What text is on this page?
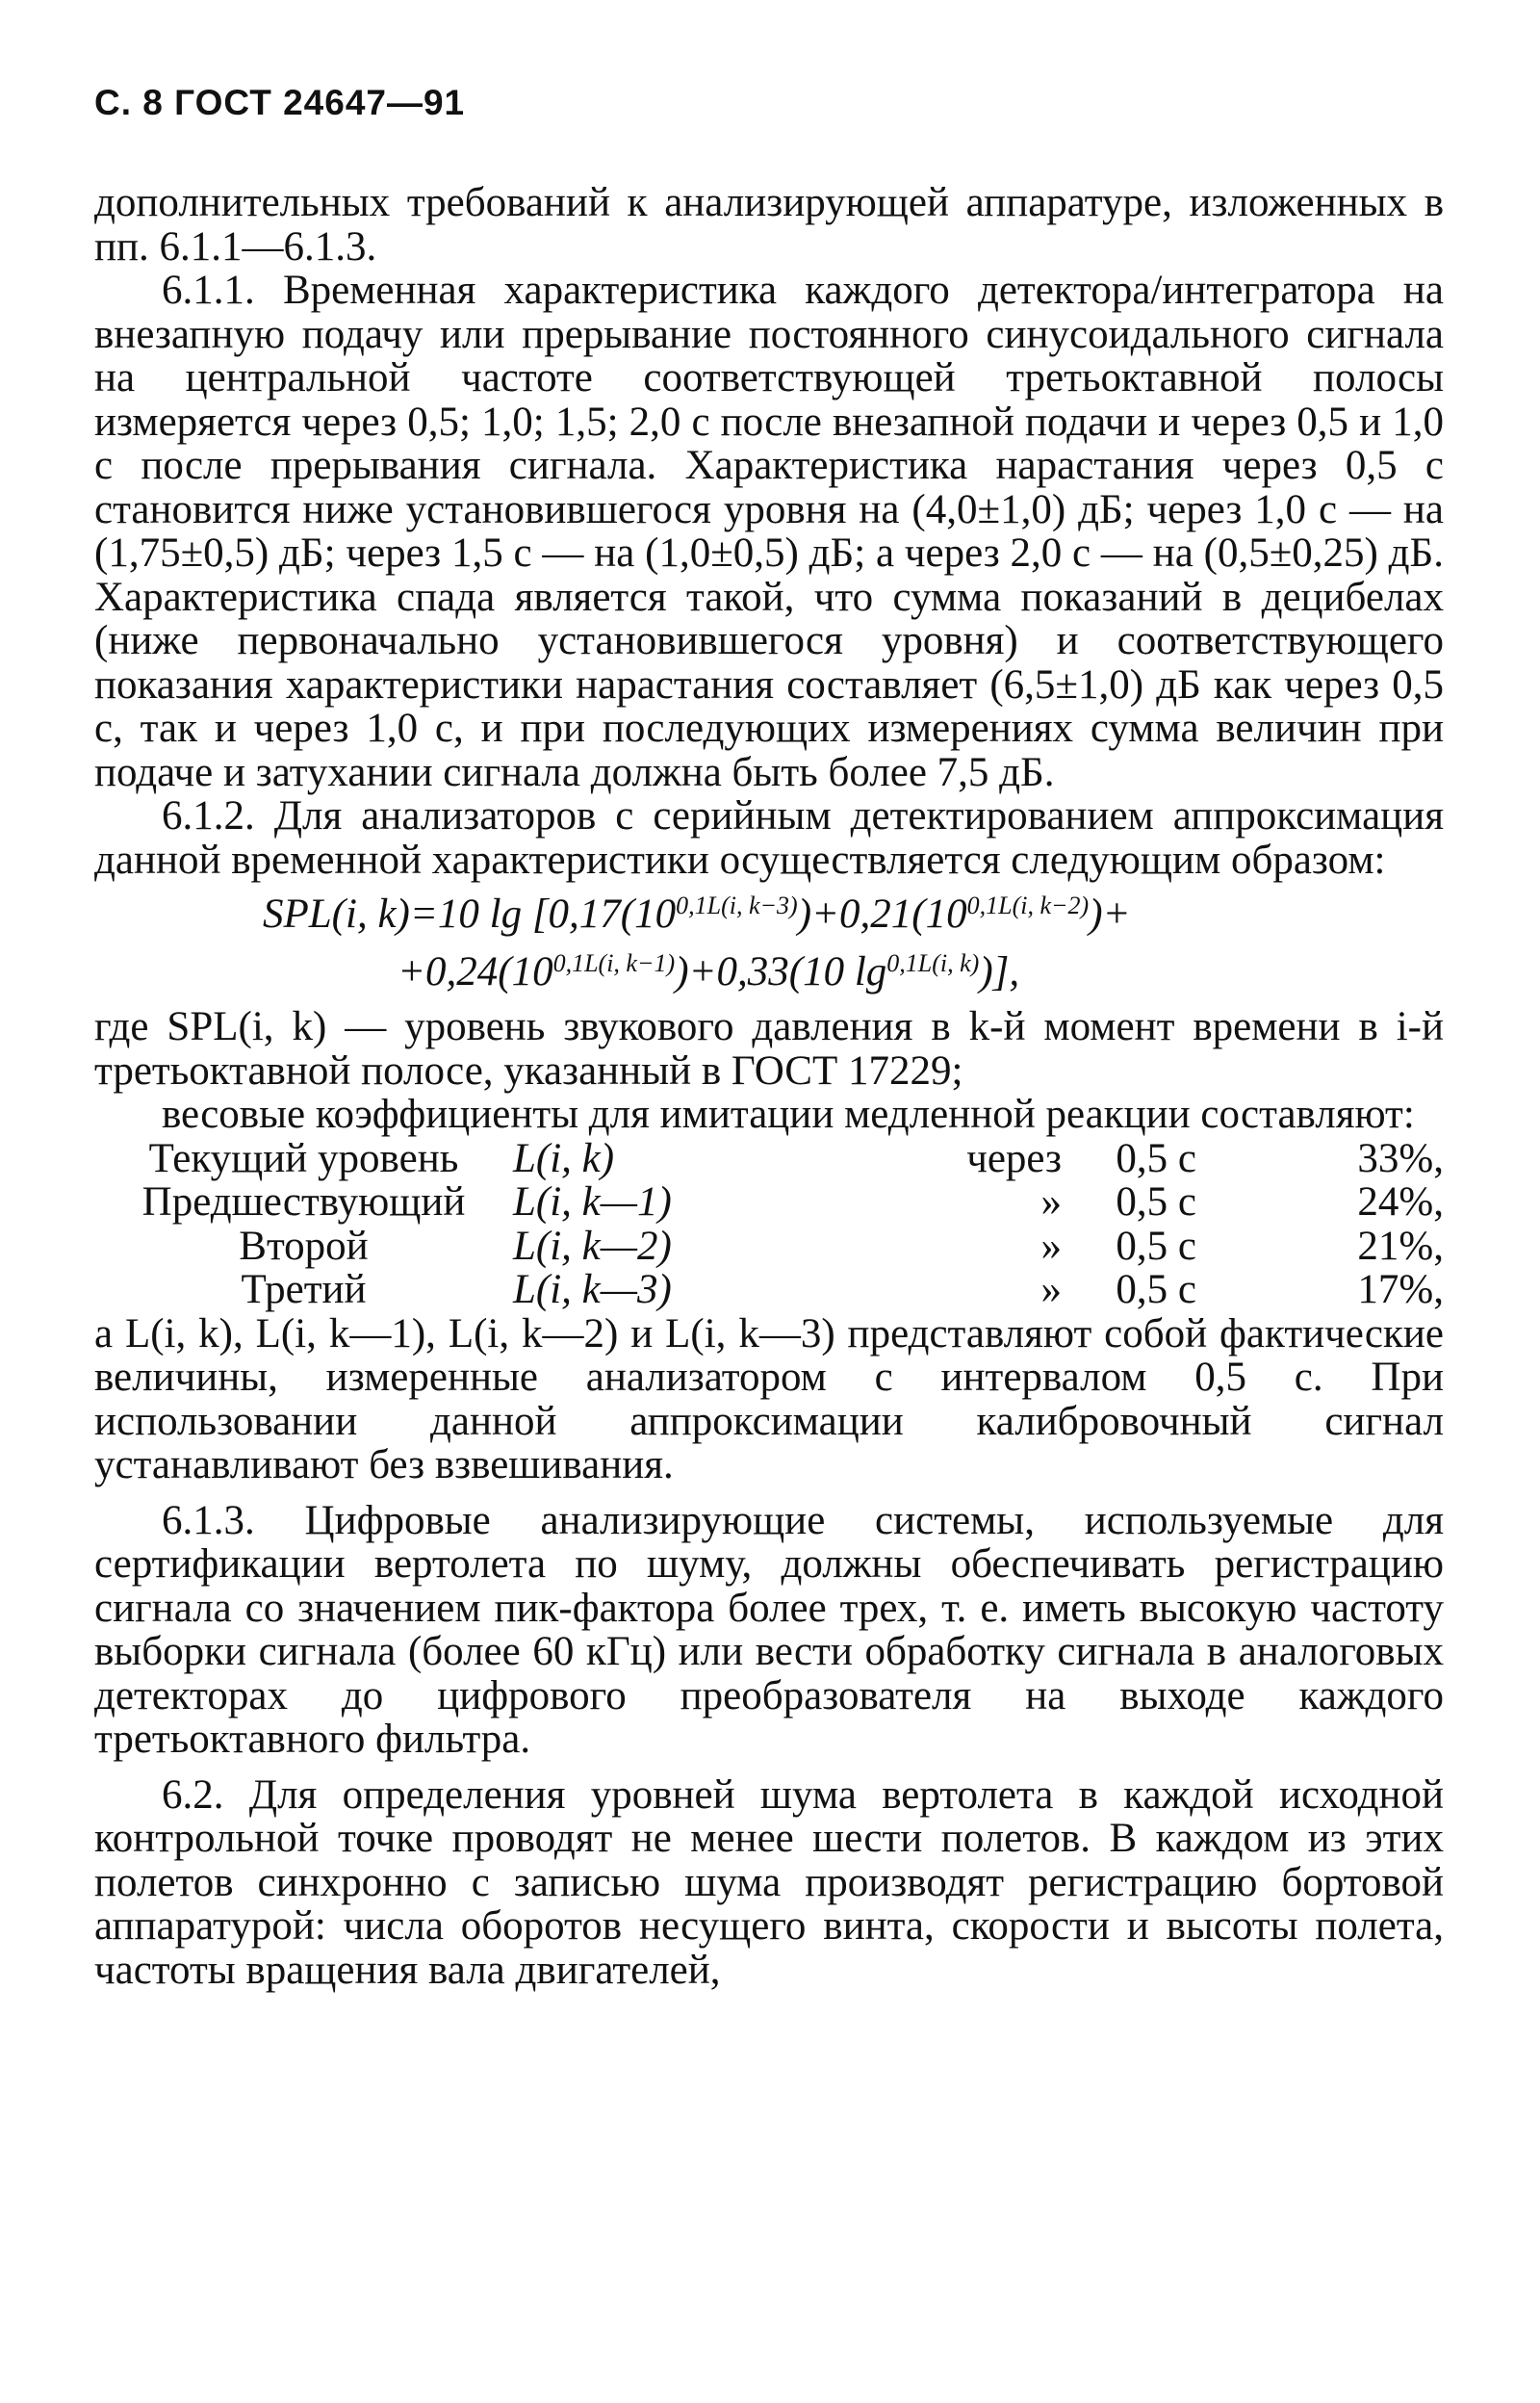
С. 8 ГОСТ 24647—91

дополнительных требований к анализирующей аппаратуре, изложенных в пп. 6.1.1—6.1.3.

6.1.1. Временная характеристика каждого детектора/интегратора на внезапную подачу или прерывание постоянного синусоидального сигнала на центральной частоте соответствующей третьоктавной полосы измеряется через 0,5; 1,0; 1,5; 2,0 с после внезапной подачи и через 0,5 и 1,0 с после прерывания сигнала. Характеристика нарастания через 0,5 с становится ниже установившегося уровня на (4,0±1,0) дБ; через 1,0 с — на (1,75±0,5) дБ; через 1,5 с — на (1,0±0,5) дБ; а через 2,0 с — на (0,5±0,25) дБ. Характеристика спада является такой, что сумма показаний в децибелах (ниже первоначально установившегося уровня) и соответствующего показания характеристики нарастания составляет (6,5±1,0) дБ как через 0,5 с, так и через 1,0 с, и при последующих измерениях сумма величин при подаче и затухании сигнала должна быть более 7,5 дБ.

6.1.2. Для анализаторов с серийным детектированием аппроксимация данной временной характеристики осуществляется следующим образом:

SPL(i, k)=10 $\lg [0,17(10^{0,1L(i, k-3)})+0,21(10^{0,1L(i, k-2)})+$
$+0,24(10^{0,1L(i, k-1)})+0,33(10$ $\lg^{0,1L(i, k)}$)],

где SPL(i, k) — уровень звукового давления в k-й момент времени в i-й третьоктавной полосе, указанный в ГОСТ 17229;

весовые коэффициенты для имитации медленной реакции составляют:

Текущий уровень	L(i, k)	через	0,5 с	33%,
Предшествующий	L(i, k—1)	»	0,5 с	24%,
Второй	L(i, k—2)	»	0,5 с	21%,
Третий	L(i, k—3)	»	0,5 с	17%,

а L(i, k), L(i, k—1), L(i, k—2) и L(i, k—3) представляют собой фактические величины, измеренные анализатором с интервалом 0,5 с. При использовании данной аппроксимации калибровочный сигнал устанавливают без взвешивания.

6.1.3. Цифровые анализирующие системы, используемые для сертификации вертолета по шуму, должны обеспечивать регистрацию сигнала со значением пик-фактора более трех, т. е. иметь высокую частоту выборки сигнала (более 60 кГц) или вести обработку сигнала в аналоговых детекторах до цифрового преобразователя на выходе каждого третьоктавного фильтра.

6.2. Для определения уровней шума вертолета в каждой исходной контрольной точке проводят не менее шести полетов. В каждом из этих полетов синхронно с записью шума производят регистрацию бортовой аппаратурой: числа оборотов несущего винта, скорости и высоты полета, частоты вращения вала двигателей,
